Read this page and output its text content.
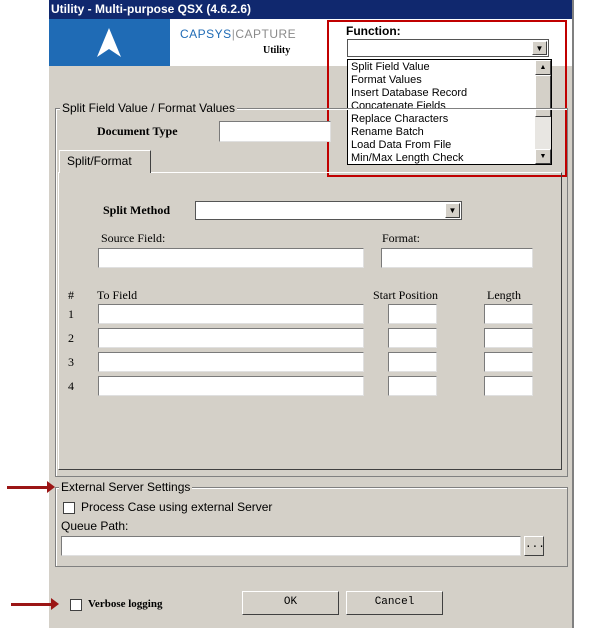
Utility - Multi-purpose QSX (4.6.2.6)
CAPSYS|CAPTURE
Utility
Function:
▼
Split Field Value
Format Values
Insert Database Record
Concatenate Fields
Replace Characters
Rename Batch
Load Data From File
Min/Max Length Check
▲
▼
Split Field Value / Format Values
Document Type
Split/Format
Split Method	▼
Source Field:	Format:
# To Field	Start Position	Length
1
2
3
4
External Server Settings
Process Case using external Server
Queue Path:
...
Verbose logging	OK	Cancel
